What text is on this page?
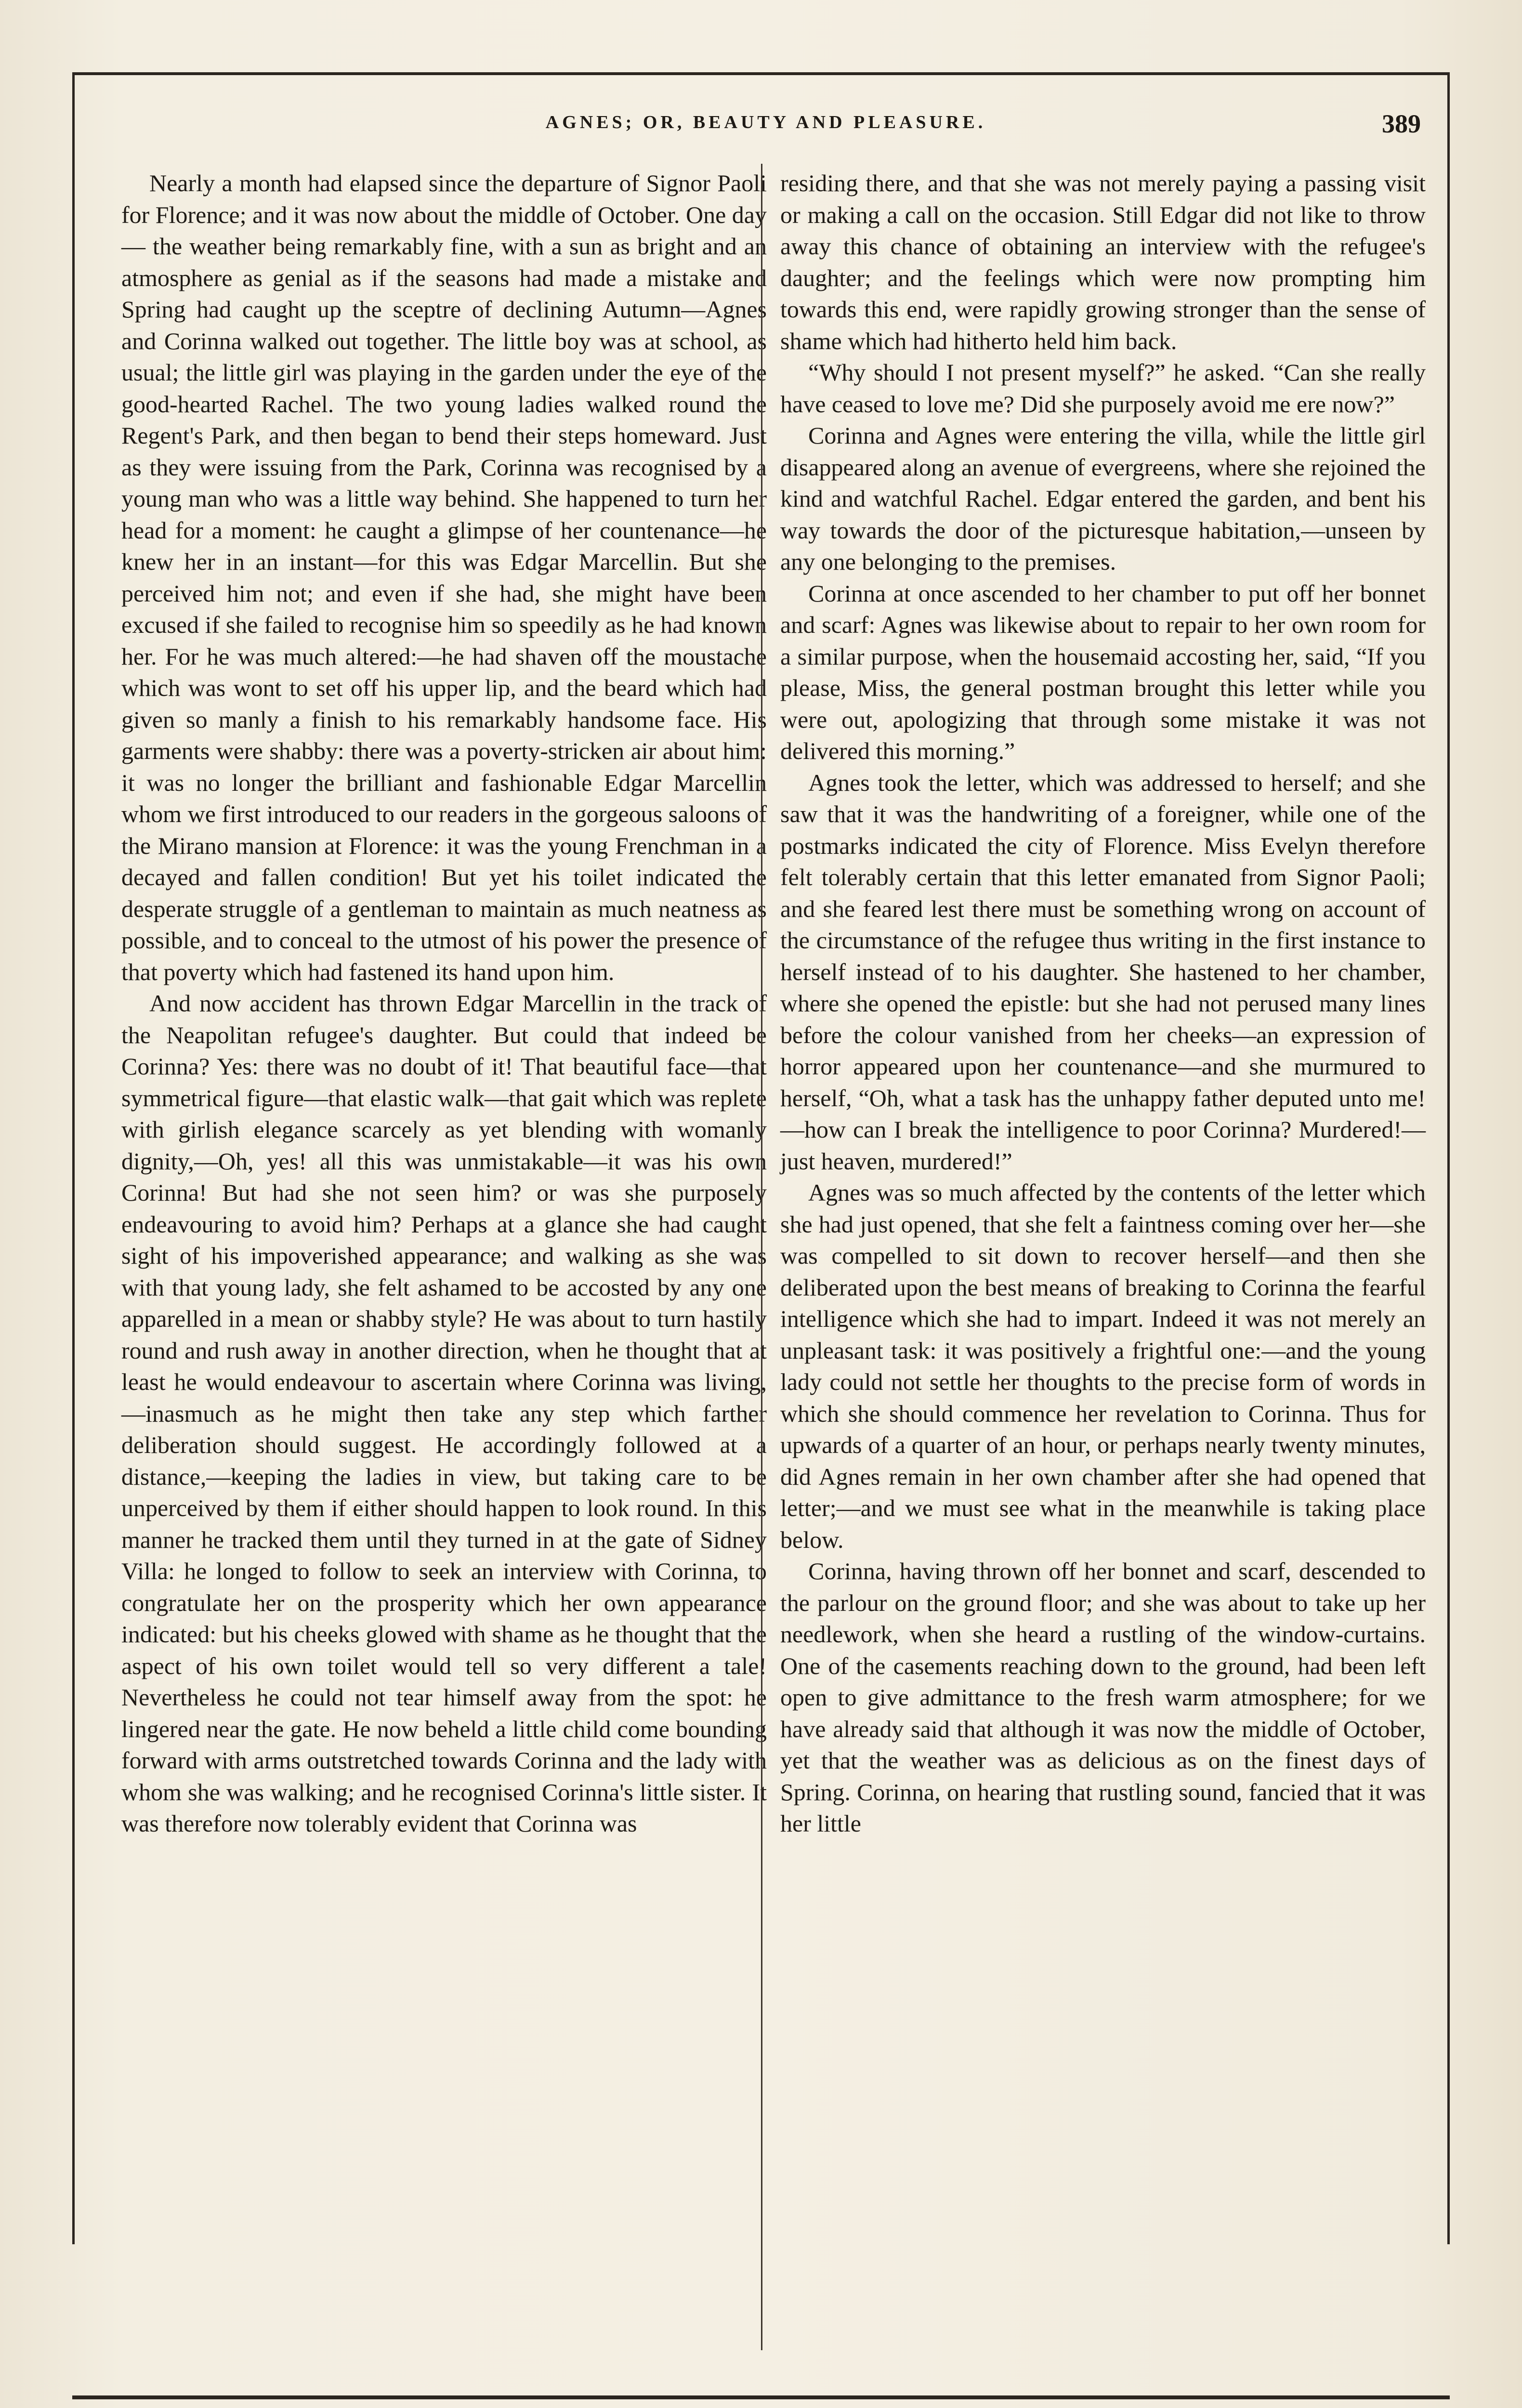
AGNES; OR, BEAUTY AND PLEASURE.	389

Nearly a month had elapsed since the departure of Signor Paoli for Florence; and it was now about the middle of October. One day — the weather being remarkably fine, with a sun as bright and an atmosphere as genial as if the seasons had made a mistake and Spring had caught up the sceptre of declining Autumn—Agnes and Corinna walked out together. The little boy was at school, as usual; the little girl was playing in the garden under the eye of the good-hearted Rachel. The two young ladies walked round the Regent's Park, and then began to bend their steps homeward. Just as they were issuing from the Park, Corinna was recognised by a young man who was a little way behind. She happened to turn her head for a moment: he caught a glimpse of her countenance—he knew her in an instant—for this was Edgar Marcellin. But she perceived him not; and even if she had, she might have been excused if she failed to recognise him so speedily as he had known her. For he was much altered:—he had shaven off the moustache which was wont to set off his upper lip, and the beard which had given so manly a finish to his remarkably handsome face. His garments were shabby: there was a poverty-stricken air about him: it was no longer the brilliant and fashionable Edgar Marcellin whom we first introduced to our readers in the gorgeous saloons of the Mirano mansion at Florence: it was the young Frenchman in a decayed and fallen condition! But yet his toilet indicated the desperate struggle of a gentleman to maintain as much neatness as possible, and to conceal to the utmost of his power the presence of that poverty which had fastened its hand upon him.

And now accident has thrown Edgar Marcellin in the track of the Neapolitan refugee's daughter. But could that indeed be Corinna? Yes: there was no doubt of it! That beautiful face—that symmetrical figure—that elastic walk—that gait which was replete with girlish elegance scarcely as yet blending with womanly dignity,—Oh, yes! all this was unmistakable—it was his own Corinna! But had she not seen him? or was she purposely endeavouring to avoid him? Perhaps at a glance she had caught sight of his impoverished appearance; and walking as she was with that young lady, she felt ashamed to be accosted by any one apparelled in a mean or shabby style? He was about to turn hastily round and rush away in another direction, when he thought that at least he would endeavour to ascertain where Corinna was living,—inasmuch as he might then take any step which farther deliberation should suggest. He accordingly followed at a distance,—keeping the ladies in view, but taking care to be unperceived by them if either should happen to look round. In this manner he tracked them until they turned in at the gate of Sidney Villa: he longed to follow to seek an interview with Corinna, to congratulate her on the prosperity which her own appearance indicated: but his cheeks glowed with shame as he thought that the aspect of his own toilet would tell so very different a tale! Nevertheless he could not tear himself away from the spot: he lingered near the gate. He now beheld a little child come bounding forward with arms outstretched towards Corinna and the lady with whom she was walking; and he recognised Corinna's little sister. It was therefore now tolerably evident that Corinna was

residing there, and that she was not merely paying a passing visit or making a call on the occasion. Still Edgar did not like to throw away this chance of obtaining an interview with the refugee's daughter; and the feelings which were now prompting him towards this end, were rapidly growing stronger than the sense of shame which had hitherto held him back.

“Why should I not present myself?” he asked. “Can she really have ceased to love me? Did she purposely avoid me ere now?”

Corinna and Agnes were entering the villa, while the little girl disappeared along an avenue of evergreens, where she rejoined the kind and watchful Rachel. Edgar entered the garden, and bent his way towards the door of the picturesque habitation,—unseen by any one belonging to the premises.

Corinna at once ascended to her chamber to put off her bonnet and scarf: Agnes was likewise about to repair to her own room for a similar purpose, when the housemaid accosting her, said, “If you please, Miss, the general postman brought this letter while you were out, apologizing that through some mistake it was not delivered this morning.”

Agnes took the letter, which was addressed to herself; and she saw that it was the handwriting of a foreigner, while one of the postmarks indicated the city of Florence. Miss Evelyn therefore felt tolerably certain that this letter emanated from Signor Paoli; and she feared lest there must be something wrong on account of the circumstance of the refugee thus writing in the first instance to herself instead of to his daughter. She hastened to her chamber, where she opened the epistle: but she had not perused many lines before the colour vanished from her cheeks—an expression of horror appeared upon her countenance—and she murmured to herself, “Oh, what a task has the unhappy father deputed unto me!—how can I break the intelligence to poor Corinna? Murdered!—just heaven, murdered!”

Agnes was so much affected by the contents of the letter which she had just opened, that she felt a faintness coming over her—she was compelled to sit down to recover herself—and then she deliberated upon the best means of breaking to Corinna the fearful intelligence which she had to impart. Indeed it was not merely an unpleasant task: it was positively a frightful one:—and the young lady could not settle her thoughts to the precise form of words in which she should commence her revelation to Corinna. Thus for upwards of a quarter of an hour, or perhaps nearly twenty minutes, did Agnes remain in her own chamber after she had opened that letter;—and we must see what in the meanwhile is taking place below.

Corinna, having thrown off her bonnet and scarf, descended to the parlour on the ground floor; and she was about to take up her needlework, when she heard a rustling of the window-curtains. One of the casements reaching down to the ground, had been left open to give admittance to the fresh warm atmosphere; for we have already said that although it was now the middle of October, yet that the weather was as delicious as on the finest days of Spring. Corinna, on hearing that rustling sound, fancied that it was her little
